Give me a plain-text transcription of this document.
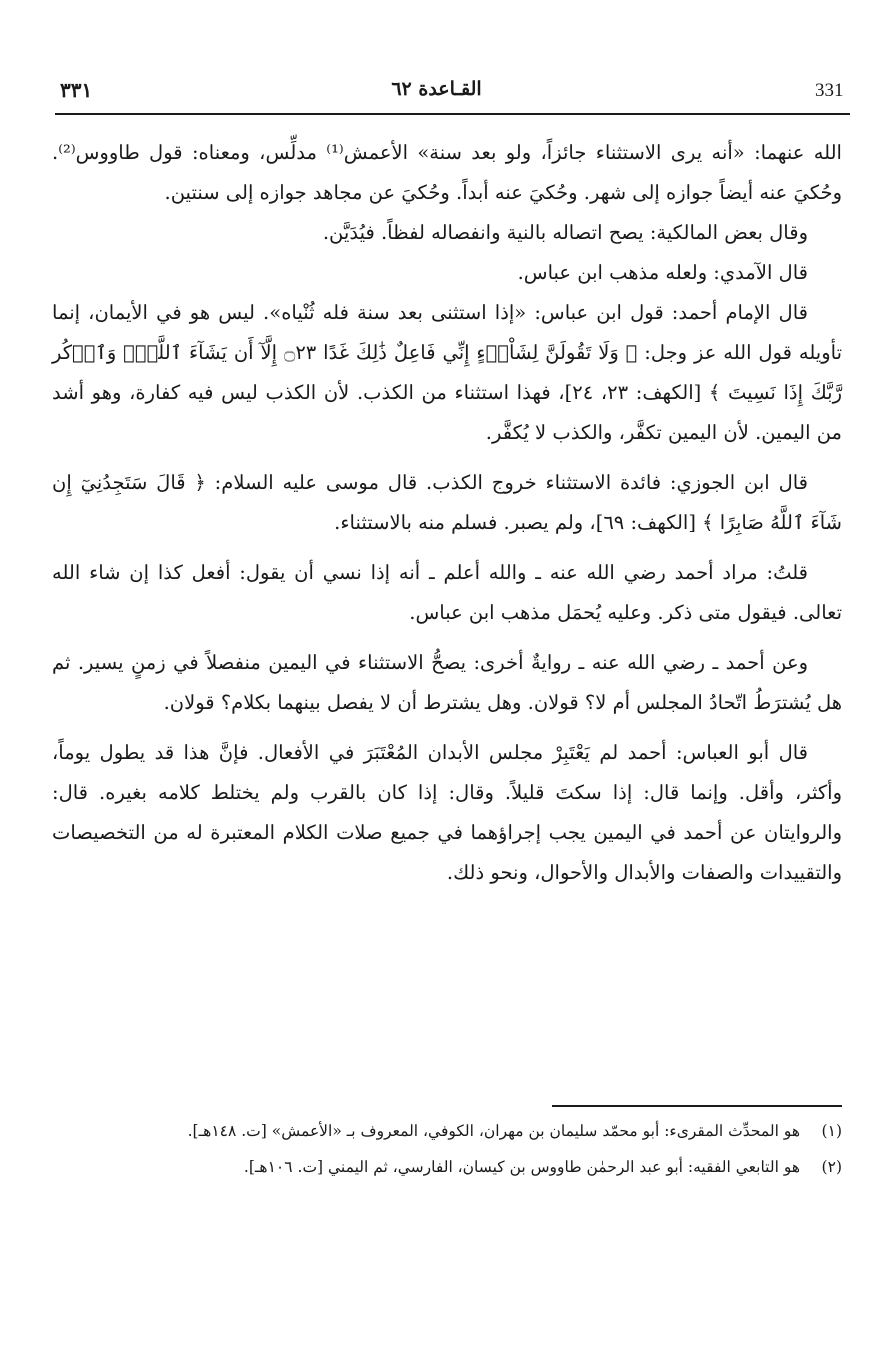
331
القـاعدة ٦٢
٣٣١

الله عنهما: «أنه يرى الاستثناء جائزاً، ولو بعد سنة» الأعمش⁽¹⁾ مدلِّس، ومعناه: قول طاووس⁽²⁾. وحُكيَ عنه أيضاً جوازه إلى شهر. وحُكيَ عنه أبداً. وحُكيَ عن مجاهد جوازه إلى سنتين.

وقال بعض المالكية: يصح اتصاله بالنية وانفصاله لفظاً. فيُدَيَّن.

قال الآمدي: ولعله مذهب ابن عباس.

قال الإمام أحمد: قول ابن عباس: «إذا استثنى بعد سنة فله ثُنْياه». ليس هو في الأيمان، إنما تأويله قول الله عز وجل: ﴿ وَلَا تَقُولَنَّ لِشَاْىۡءٍ إِنِّي فَاعِلٌ ذَٰلِكَ غَدًا ۝٢٣ إِلَّآ أَن يَشَآءَ ٱللَّهُۚ وَٱذۡكُر رَّبَّكَ إِذَا نَسِيتَ ﴾ [الكهف: ٢٣، ٢٤]، فهذا استثناء من الكذب. لأن الكذب ليس فيه كفارة، وهو أشد من اليمين. لأن اليمين تكفَّر، والكذب لا يُكفَّر.

قال ابن الجوزي: فائدة الاستثناء خروج الكذب. قال موسى عليه السلام: ﴿ قَالَ سَتَجِدُنِيٓ إِن شَآءَ ٱللَّهُ صَابِرًا ﴾ [الكهف: ٦٩]، ولم يصبر. فسلم منه بالاستثناء.

قلتُ: مراد أحمد رضي الله عنه ـ والله أعلم ـ أنه إذا نسي أن يقول: أفعل كذا إن شاء الله تعالى. فيقول متى ذكر. وعليه يُحمَل مذهب ابن عباس.

وعن أحمد ـ رضي الله عنه ـ روايةٌ أخرى: يصحُّ الاستثناء في اليمين منفصلاً في زمنٍ يسير. ثم هل يُشترَطُ اتّحادُ المجلس أم لا؟ قولان. وهل يشترط أن لا يفصل بينهما بكلام؟ قولان.

قال أبو العباس: أحمد لم يَعْتَبِرْ مجلس الأبدان المُعْتَبَرَ في الأفعال. فإنَّ هذا قد يطول يوماً، وأكثر، وأقل. وإنما قال: إذا سكتَ قليلاً. وقال: إذا كان بالقرب ولم يختلط كلامه بغيره. قال: والروايتان عن أحمد في اليمين يجب إجراؤهما في جميع صلات الكلام المعتبرة له من التخصيصات والتقييدات والصفات والأبدال والأحوال، ونحو ذلك.

(١)
هو المحدِّث المقرىء: أبو محمّد سليمان بن مهران، الكوفي، المعروف بـ «الأعمش» [ت. ١٤٨هـ].
(٢)
هو التابعي الفقيه: أبو عبد الرحمٰن طاووس بن كيسان، الفارسي، ثم اليمني [ت. ١٠٦هـ].
